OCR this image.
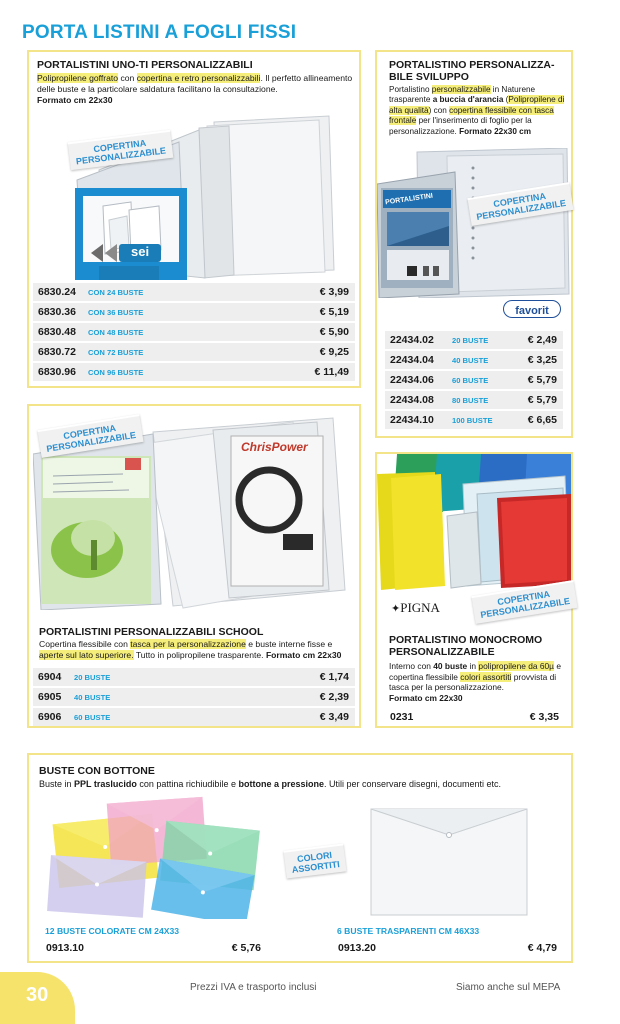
PORTA LISTINI A FOGLI FISSI
PORTALISTINI UNO-TI PERSONALIZZABILI
Polipropilene goffrato con copertina e retro personalizzabili. Il perfetto allineamento delle buste e la particolare saldatura facilitano la consultazione.
Formato cm 22x30
COPERTINA
PERSONALIZZABILE
sei
6830.24	CON 24 BUSTE	€ 3,99
6830.36	CON 36 BUSTE	€ 5,19
6830.48	CON 48 BUSTE	€ 5,90
6830.72	CON 72 BUSTE	€ 9,25
6830.96	CON 96 BUSTE	€ 11,49
PORTALISTINO PERSONALIZZA-
BILE SVILUPPO
Portalistino personalizzabile in Naturene trasparente a buccia d'arancia (Polipropilene di alta qualità) con copertina flessibile con tasca frontale per l'inserimento di foglio per la personalizzazione. Formato 22x30 cm
PORTALISTINI	COPERTINA
PERSONALIZZABILE
favorit
22434.02	20 BUSTE	€ 2,49
22434.04	40 BUSTE	€ 3,25
22434.06	60 BUSTE	€ 5,79
22434.08	80 BUSTE	€ 5,79
22434.10	100 BUSTE	€ 6,65
ChrisPower
COPERTINA
PERSONALIZZABILE
PORTALISTINI PERSONALIZZABILI SCHOOL
Copertina flessibile con tasca per la personalizzazione e buste interne fisse e aperte sul lato superiore. Tutto in polipropilene trasparente. Formato cm 22x30
6904	20 BUSTE	€ 1,74
6905	40 BUSTE	€ 2,39
6906	60 BUSTE	€ 3,49
✦PIGNA
COPERTINA
PERSONALIZZABILE
PORTALISTINO MONOCROMO
PERSONALIZZABILE
Interno con 40 buste in polipropilene da 60µ e copertina flessibile colori assortiti provvista di tasca per la personalizzazione.
Formato cm 22x30
0231	€ 3,35
BUSTE CON BOTTONE
Buste in PPL traslucido con pattina richiudibile e bottone a pressione. Utili per conservare disegni, documenti etc.
COLORI
ASSORTITI
12 BUSTE COLORATE CM 24X33
0913.10	€ 5,76
6 BUSTE TRASPARENTI CM 46X33
0913.20	€ 4,79
30	Prezzi IVA e trasporto inclusi	Siamo anche sul MEPA
